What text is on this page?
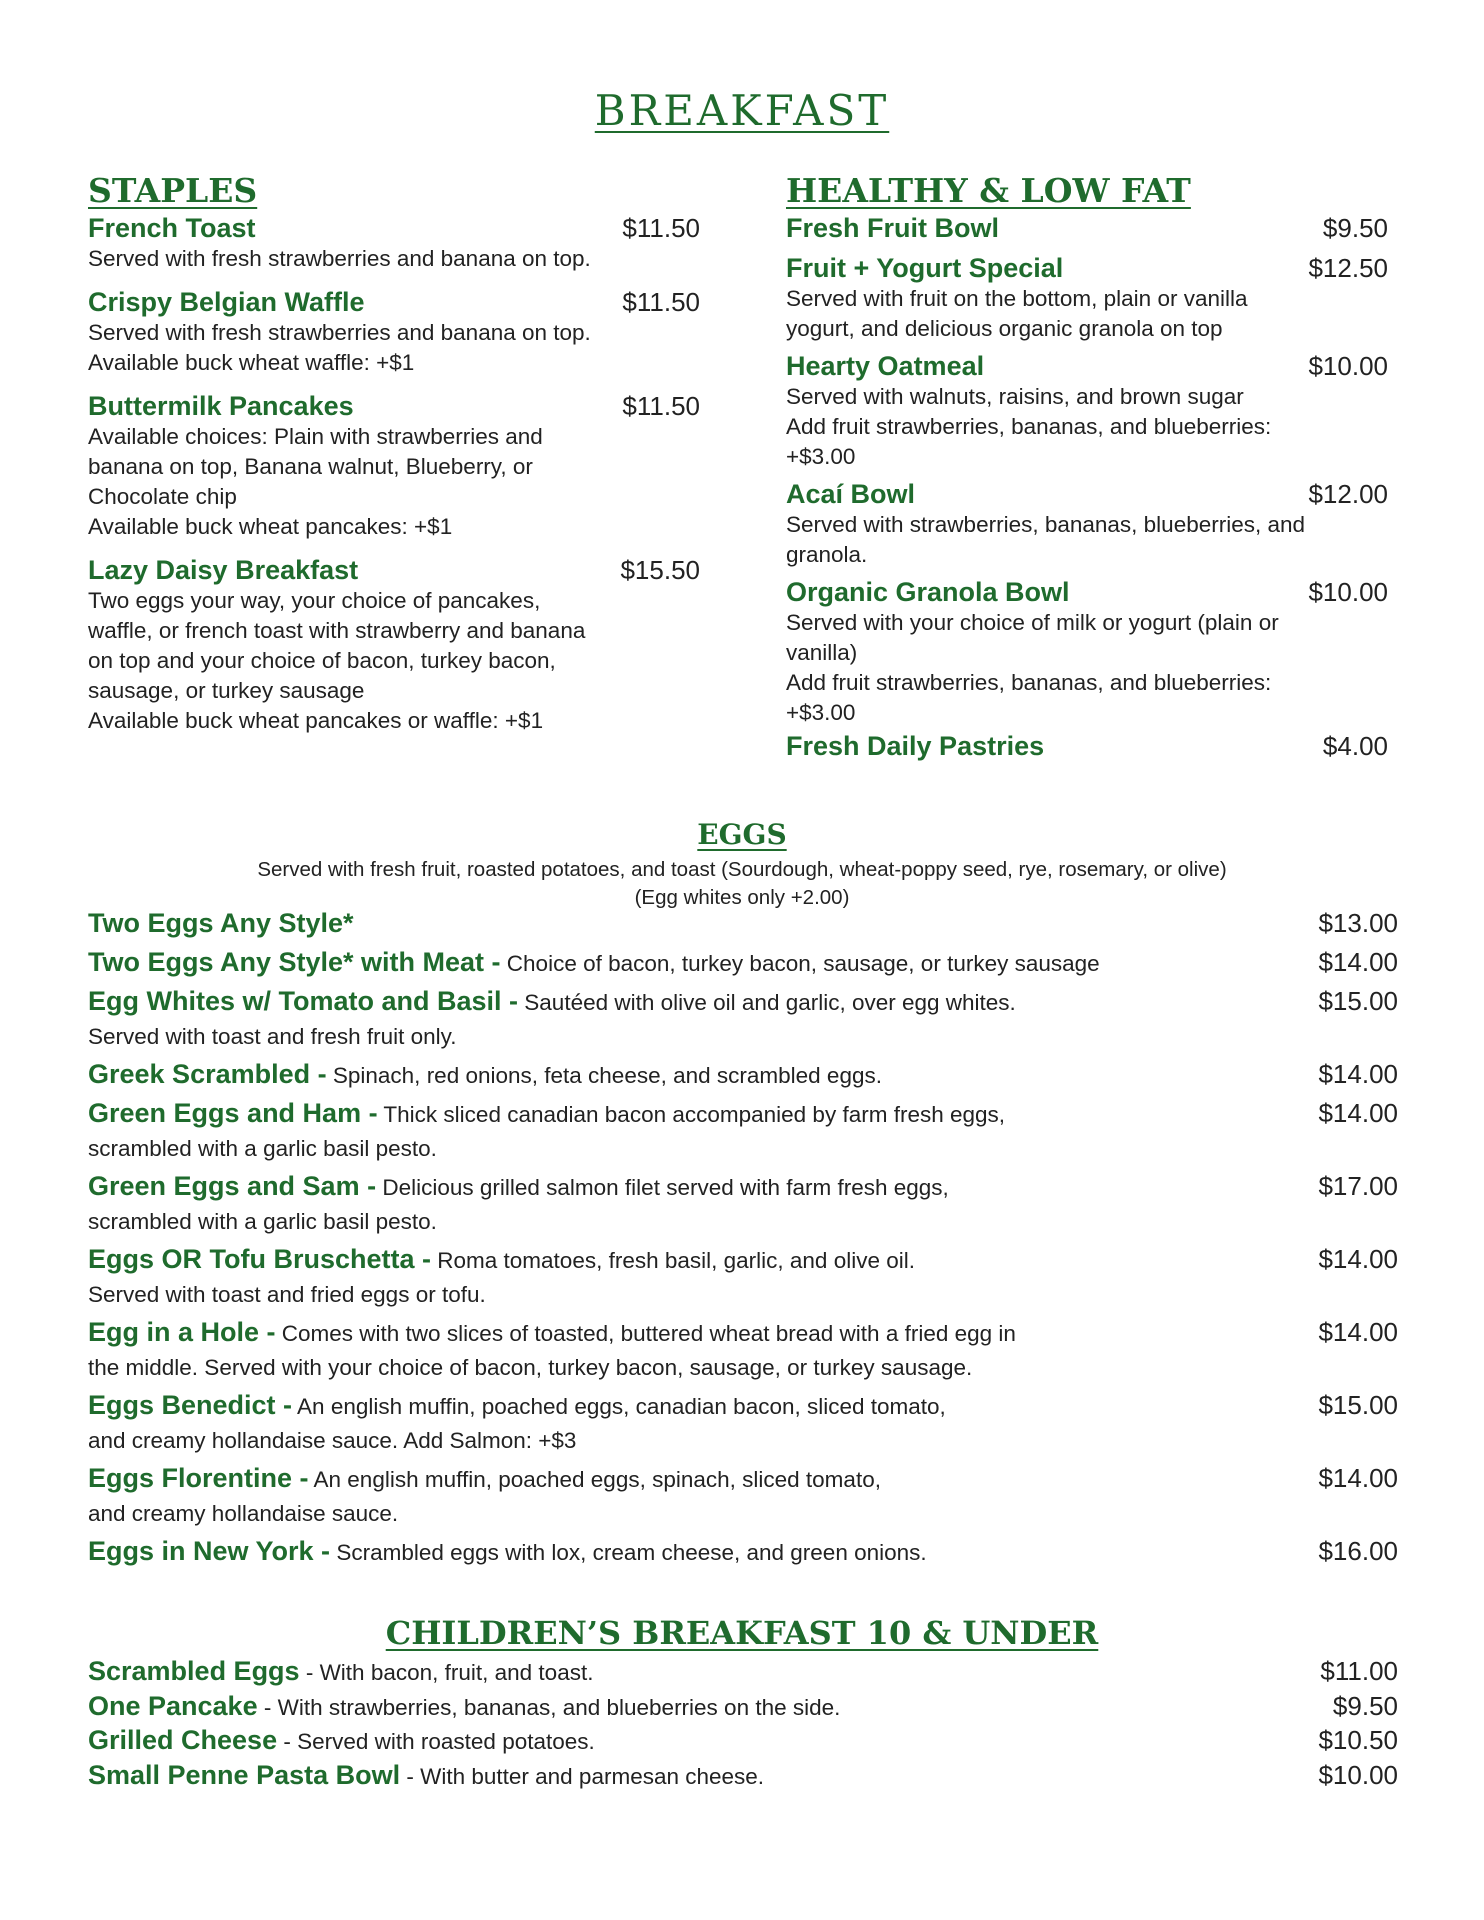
BREAKFAST
STAPLES
French Toast	$11.50
Served with fresh strawberries and banana on top.
Crispy Belgian Waffle	$11.50
Served with fresh strawberries and banana on top.
Available buck wheat waffle: +$1
Buttermilk Pancakes	$11.50
Available choices: Plain with strawberries and
banana on top, Banana walnut, Blueberry, or
Chocolate chip
Available buck wheat pancakes: +$1
Lazy Daisy Breakfast	$15.50
Two eggs your way, your choice of pancakes,
waffle, or french toast with strawberry and banana
on top and your choice of bacon, turkey bacon,
sausage, or turkey sausage
Available buck wheat pancakes or waffle: +$1
HEALTHY & LOW FAT
Fresh Fruit Bowl	$9.50
Fruit + Yogurt Special	$12.50
Served with fruit on the bottom, plain or vanilla
yogurt, and delicious organic granola on top
Hearty Oatmeal	$10.00
Served with walnuts, raisins, and brown sugar
Add fruit strawberries, bananas, and blueberries:
+$3.00
Acaí Bowl	$12.00
Served with strawberries, bananas, blueberries, and
granola.
Organic Granola Bowl	$10.00
Served with your choice of milk or yogurt (plain or
vanilla)
Add fruit strawberries, bananas, and blueberries:
+$3.00
Fresh Daily Pastries	$4.00
EGGS
Served with fresh fruit, roasted potatoes, and toast (Sourdough, wheat-poppy seed, rye, rosemary, or olive)
(Egg whites only +2.00)
Two Eggs Any Style*	$13.00
Two Eggs Any Style* with Meat - Choice of bacon, turkey bacon, sausage, or turkey sausage	$14.00
Egg Whites w/ Tomato and Basil - Sautéed with olive oil and garlic, over egg whites.
Served with toast and fresh fruit only.
$15.00
Greek Scrambled - Spinach, red onions, feta cheese, and scrambled eggs.	$14.00
Green Eggs and Ham - Thick sliced canadian bacon accompanied by farm fresh eggs,
scrambled with a garlic basil pesto.
$14.00
Green Eggs and Sam - Delicious grilled salmon filet served with farm fresh eggs,
scrambled with a garlic basil pesto.
$17.00
Eggs OR Tofu Bruschetta - Roma tomatoes, fresh basil, garlic, and olive oil.
Served with toast and fried eggs or tofu.
$14.00
Egg in a Hole - Comes with two slices of toasted, buttered wheat bread with a fried egg in
the middle. Served with your choice of bacon, turkey bacon, sausage, or turkey sausage.
$14.00
Eggs Benedict - An english muffin, poached eggs, canadian bacon, sliced tomato,
and creamy hollandaise sauce. Add Salmon: +$3
$15.00
Eggs Florentine - An english muffin, poached eggs, spinach, sliced tomato,
and creamy hollandaise sauce.
$14.00
Eggs in New York - Scrambled eggs with lox, cream cheese, and green onions.	$16.00
CHILDREN’S BREAKFAST 10 & UNDER
Scrambled Eggs - With bacon, fruit, and toast.	$11.00
One Pancake - With strawberries, bananas, and blueberries on the side.	$9.50
Grilled Cheese - Served with roasted potatoes.	$10.50
Small Penne Pasta Bowl - With butter and parmesan cheese.	$10.00
